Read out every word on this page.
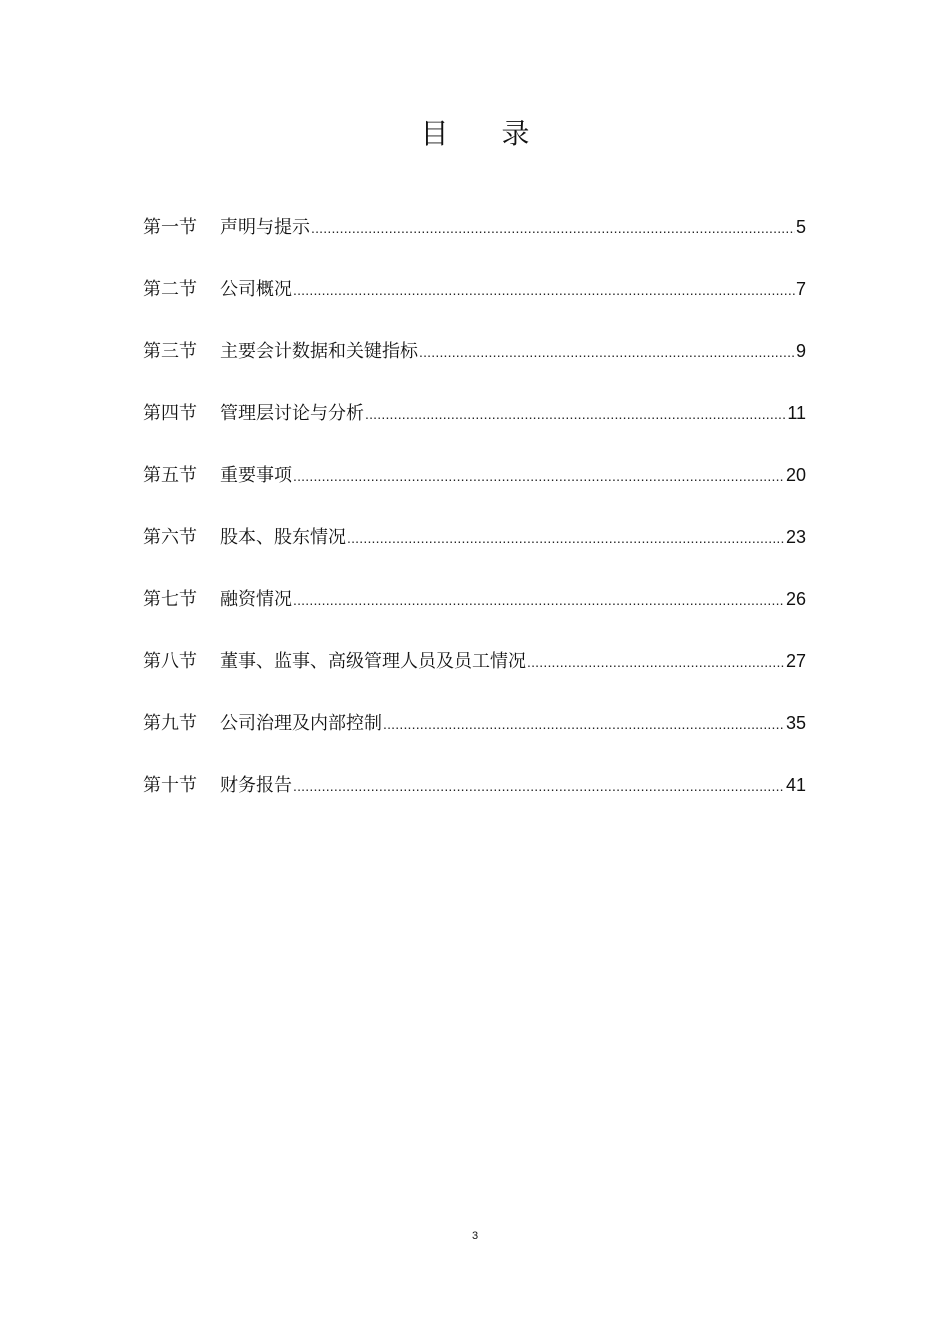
目 录
第一节	声明与提示 .....	5
第二节	公司概况 .....	7
第三节	主要会计数据和关键指标 .....	9
第四节	管理层讨论与分析 .....	11
第五节	重要事项 .....	20
第六节	股本、股东情况 .....	23
第七节	融资情况 .....	26
第八节	董事、监事、高级管理人员及员工情况 .....	27
第九节	公司治理及内部控制 .....	35
第十节	财务报告 .....	41
3
